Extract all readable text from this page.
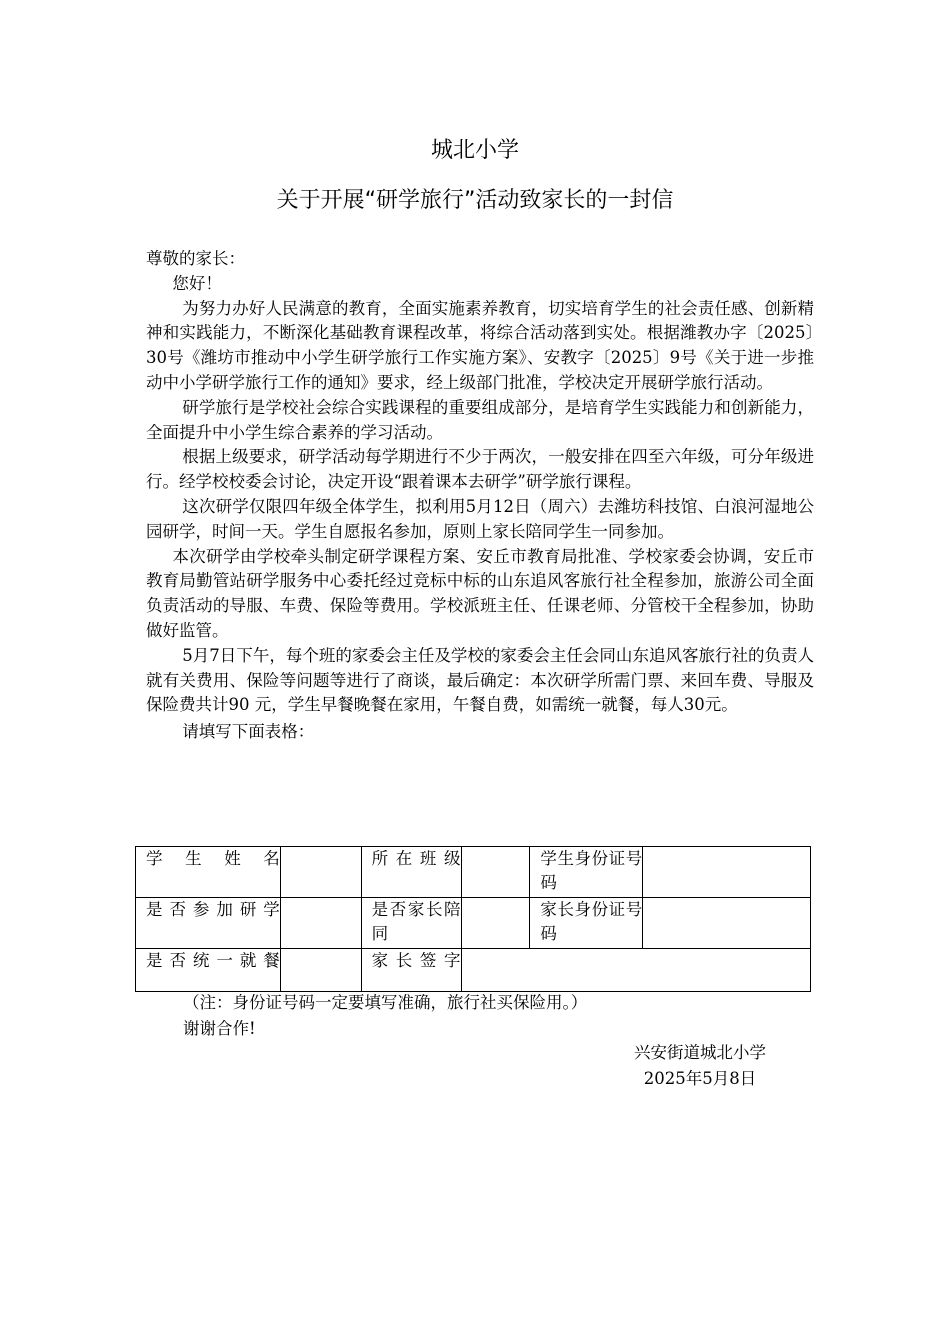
城北小学
关于开展“研学旅行”活动致家长的一封信

尊敬的家长：

您好！

为努力办好人民满意的教育，全面实施素养教育，切实培育学生的社会责任感、创新精神和实践能力，不断深化基础教育课程改革，将综合活动落到实处。根据潍教办字〔2025〕30号《潍坊市推动中小学生研学旅行工作实施方案》、安教字〔2025〕9号《关于进一步推动中小学研学旅行工作的通知》要求，经上级部门批准，学校决定开展研学旅行活动。

研学旅行是学校社会综合实践课程的重要组成部分，是培育学生实践能力和创新能力，全面提升中小学生综合素养的学习活动。

根据上级要求，研学活动每学期进行不少于两次，一般安排在四至六年级，可分年级进行。经学校校委会讨论，决定开设“跟着课本去研学”研学旅行课程。

这次研学仅限四年级全体学生，拟利用5月12日（周六）去潍坊科技馆、白浪河湿地公园研学，时间一天。学生自愿报名参加，原则上家长陪同学生一同参加。

本次研学由学校牵头制定研学课程方案、安丘市教育局批准、学校家委会协调，安丘市教育局勤管站研学服务中心委托经过竞标中标的山东追风客旅行社全程参加，旅游公司全面负责活动的导服、车费、保险等费用。学校派班主任、任课老师、分管校干全程参加，协助做好监管。

5月7日下午，每个班的家委会主任及学校的家委会主任会同山东追风客旅行社的负责人就有关费用、保险等问题等进行了商谈，最后确定：本次研学所需门票、来回车费、导服及保险费共计90 元，学生早餐晚餐在家用，午餐自费，如需统一就餐，每人30元。

请填写下面表格：

学生姓名		所在班级		学生身份证号码	
是否参加研学		是否家长陪同		家长身份证号码	
是否统一就餐		家长签字			
（注：身份证号码一定要填写准确，旅行社买保险用。）
谢谢合作!
兴安街道城北小学
2025年5月8日
